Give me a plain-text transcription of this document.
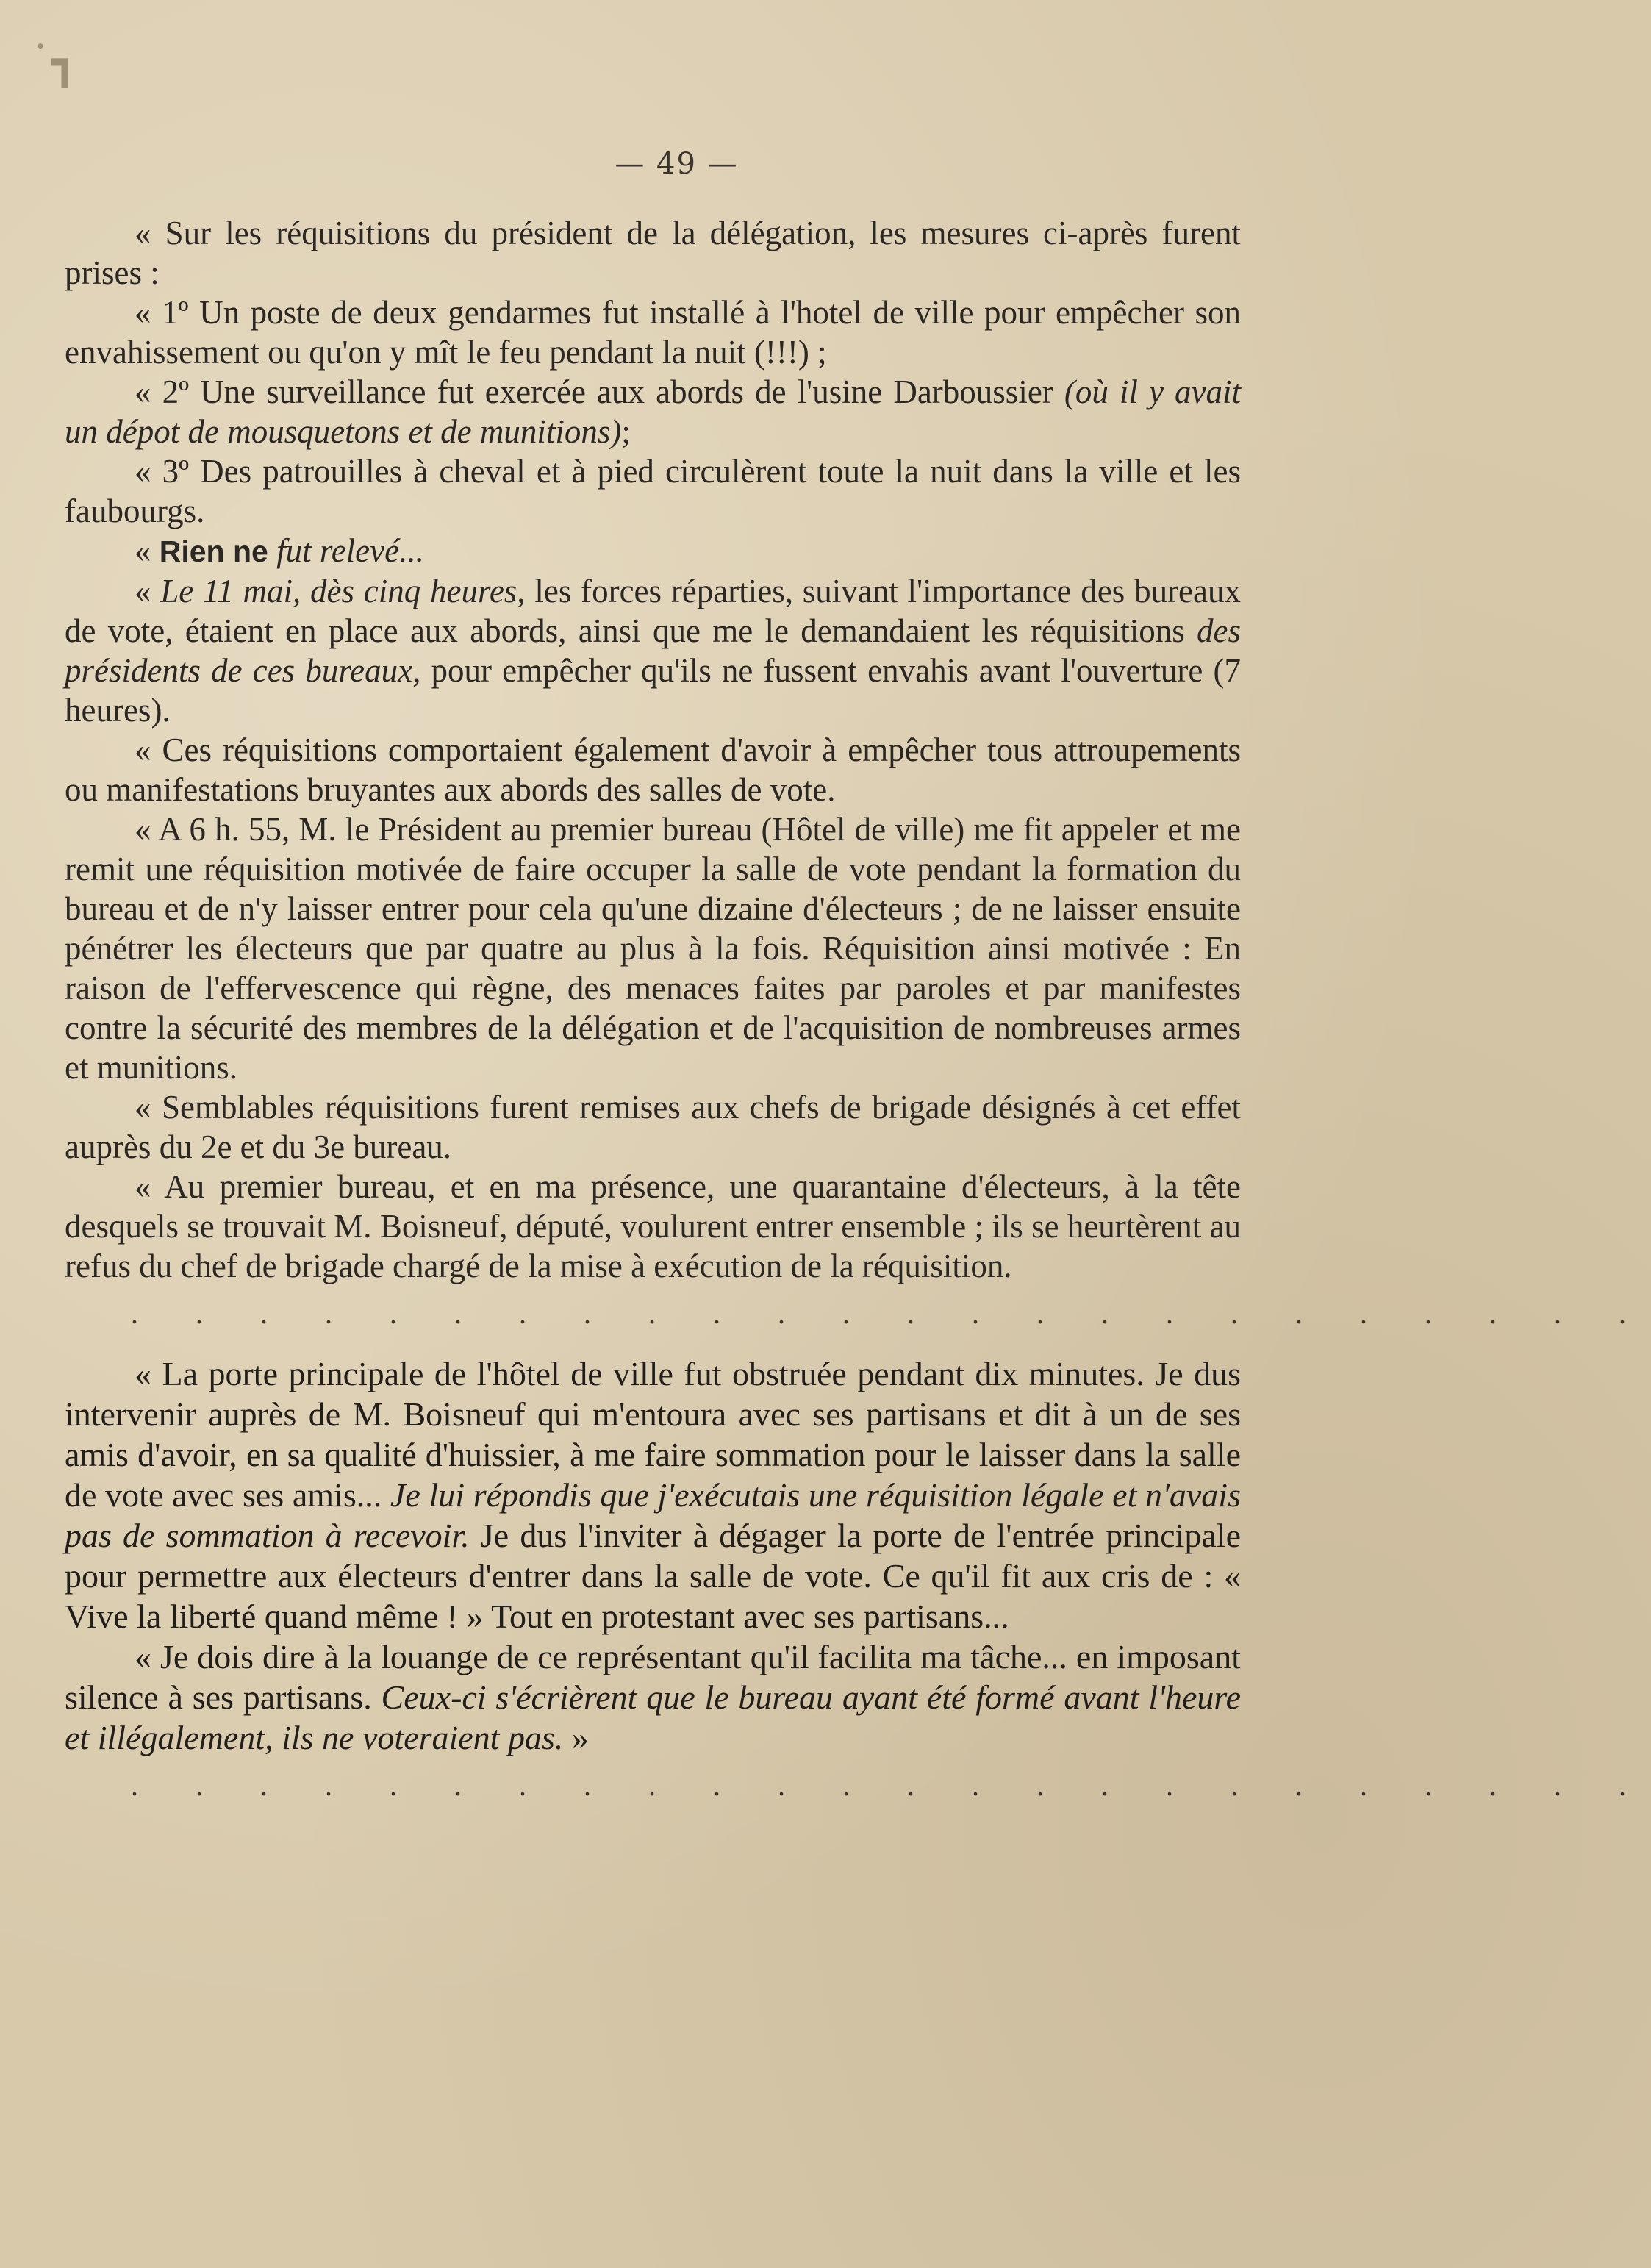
˙┓
— 49 —

« Sur les réquisitions du président de la délégation, les mesures ci-après furent prises :

« 1º Un poste de deux gendarmes fut installé à l'hotel de ville pour empêcher son envahissement ou qu'on y mît le feu pendant la nuit (!!!) ;

« 2º Une surveillance fut exercée aux abords de l'usine Darboussier (où il y avait un dépot de mousquetons et de munitions);

« 3º Des patrouilles à cheval et à pied circulèrent toute la nuit dans la ville et les faubourgs.

« Rien ne fut relevé...

« Le 11 mai, dès cinq heures, les forces réparties, suivant l'importance des bureaux de vote, étaient en place aux abords, ainsi que me le demandaient les réquisitions des présidents de ces bureaux, pour empêcher qu'ils ne fussent envahis avant l'ouverture (7 heures).

« Ces réquisitions comportaient également d'avoir à empêcher tous attroupements ou manifestations bruyantes aux abords des salles de vote.

« A 6 h. 55, M. le Président au premier bureau (Hôtel de ville) me fit appeler et me remit une réquisition motivée de faire occuper la salle de vote pendant la formation du bureau et de n'y laisser entrer pour cela qu'une dizaine d'électeurs ; de ne laisser ensuite pénétrer les électeurs que par quatre au plus à la fois. Réquisition ainsi motivée : En raison de l'effervescence qui règne, des menaces faites par paroles et par manifestes contre la sécurité des membres de la délégation et de l'acquisition de nombreuses armes et munitions.

« Semblables réquisitions furent remises aux chefs de brigade désignés à cet effet auprès du 2e et du 3e bureau.

« Au premier bureau, et en ma présence, une quarantaine d'électeurs, à la tête desquels se trouvait M. Boisneuf, député, voulurent entrer ensemble ; ils se heurtèrent au refus du chef de brigade chargé de la mise à exécution de la réquisition.

. . . . . . . . . . . . . . . . . . . . . . . .

« La porte principale de l'hôtel de ville fut obstruée pendant dix minutes. Je dus intervenir auprès de M. Boisneuf qui m'entoura avec ses partisans et dit à un de ses amis d'avoir, en sa qualité d'huissier, à me faire sommation pour le laisser dans la salle de vote avec ses amis... Je lui répondis que j'exécutais une réquisition légale et n'avais pas de sommation à recevoir. Je dus l'inviter à dégager la porte de l'entrée principale pour permettre aux électeurs d'entrer dans la salle de vote. Ce qu'il fit aux cris de : « Vive la liberté quand même ! » Tout en protestant avec ses partisans...

« Je dois dire à la louange de ce représentant qu'il facilita ma tâche... en imposant silence à ses partisans. Ceux-ci s'écrièrent que le bureau ayant été formé avant l'heure et illégalement, ils ne voteraient pas. »

. . . . . . . . . . . . . . . . . . . . . . . .
